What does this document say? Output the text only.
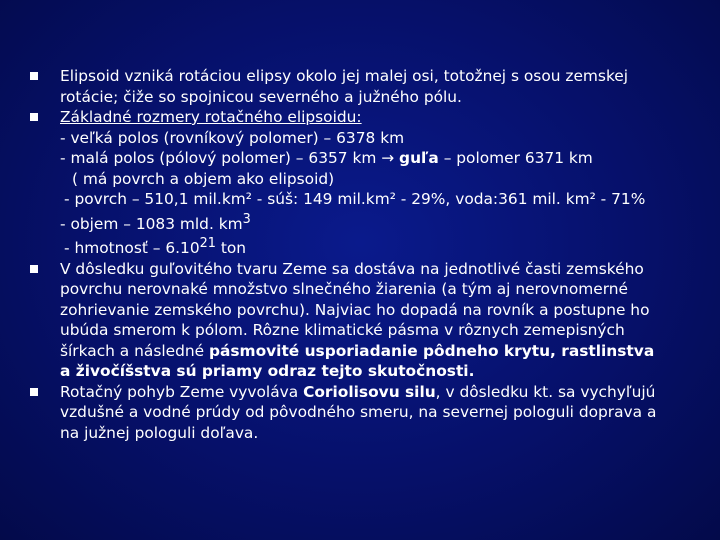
Elipsoid vzniká rotáciou elipsy okolo jej malej osi, totožnej s osou zemskej
rotácie; čiže so spojnicou severného a južného pólu.
Základné rozmery rotačného elipsoidu:
- veľká polos (rovníkový polomer) – 6378 km
- malá polos (pólový polomer) – 6357 km → guľa – polomer 6371 km
( má povrch a objem ako elipsoid)
- povrch – 510,1 mil.km² - súš: 149 mil.km² - 29%, voda:361 mil. km² - 71%
- objem – 1083 mld. $km^3$
- hmotnosť – 6.10$^{21}$ ton
V dôsledku guľovitého tvaru Zeme sa dostáva na jednotlivé časti zemského
povrchu nerovnaké množstvo slnečného žiarenia (a tým aj nerovnomerné
zohrievanie zemského povrchu). Najviac ho dopadá na rovník a postupne ho
ubúda smerom k pólom. Rôzne klimatické pásma v rôznych zemepisných
šírkach a následné pásmovité usporiadanie pôdneho krytu, rastlinstva
a živočíšstva sú priamy odraz tejto skutočnosti.
Rotačný pohyb Zeme vyvoláva Coriolisovu silu, v dôsledku kt. sa vychyľujú
vzdušné a vodné prúdy od pôvodného smeru, na severnej pologuli doprava a
na južnej pologuli doľava.
